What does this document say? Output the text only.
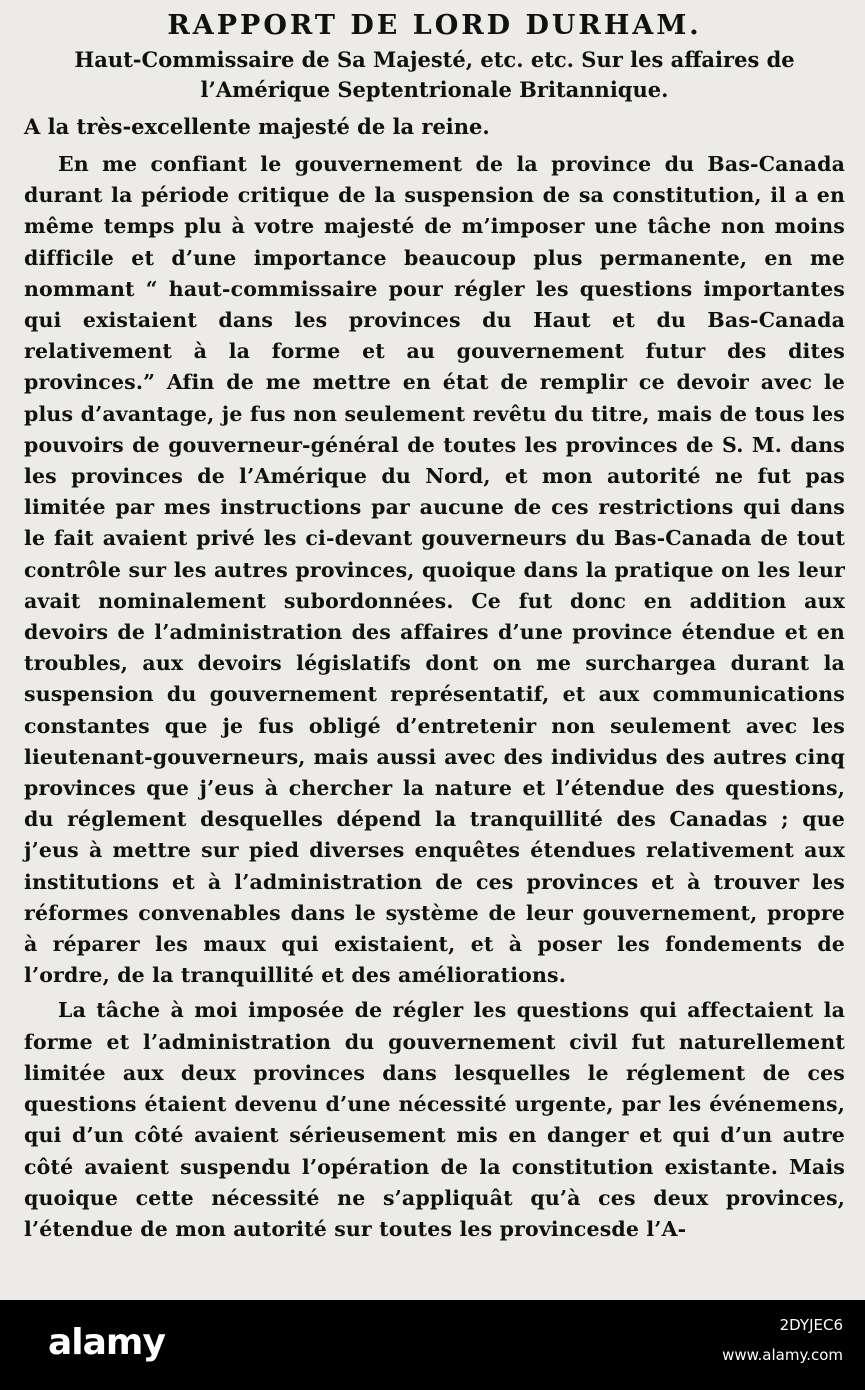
RAPPORT DE LORD DURHAM.
Haut-Commissaire de Sa Majesté, etc. etc. Sur les affaires de l’Amérique Septentrionale Britannique.
A la très-excellente majesté de la reine.

En me confiant le gouvernement de la province du Bas-Canada durant la période critique de la suspension de sa constitution, il a en même temps plu à votre majesté de m’imposer une tâche non moins difficile et d’une importance beaucoup plus permanente, en me nommant “ haut-commissaire pour régler les questions importantes qui existaient dans les provinces du Haut et du Bas-Canada relativement à la forme et au gouvernement futur des dites provinces.” Afin de me mettre en état de remplir ce devoir avec le plus d’avantage, je fus non seulement revêtu du titre, mais de tous les pouvoirs de gouverneur-général de toutes les provinces de S. M. dans les provinces de l’Amérique du Nord, et mon autorité ne fut pas limitée par mes instructions par aucune de ces restrictions qui dans le fait avaient privé les ci-devant gouverneurs du Bas-Canada de tout contrôle sur les autres provinces, quoique dans la pratique on les leur avait nominalement subordonnées. Ce fut donc en addition aux devoirs de l’administration des affaires d’une province étendue et en troubles, aux devoirs législatifs dont on me surchargea durant la suspension du gouvernement représentatif, et aux communications constantes que je fus obligé d’entretenir non seulement avec les lieutenant-gouverneurs, mais aussi avec des individus des autres cinq provinces que j’eus à chercher la nature et l’étendue des questions, du réglement desquelles dépend la tranquillité des Canadas ; que j’eus à mettre sur pied diverses enquêtes étendues relativement aux institutions et à l’administration de ces provinces et à trouver les réformes convenables dans le système de leur gouvernement, propre à réparer les maux qui existaient, et à poser les fondements de l’ordre, de la tranquillité et des améliorations.

La tâche à moi imposée de régler les questions qui affectaient la forme et l’administration du gouvernement civil fut naturellement limitée aux deux provinces dans lesquelles le réglement de ces questions étaient devenu d’une nécessité urgente, par les événemens, qui d’un côté avaient sérieusement mis en danger et qui d’un autre côté avaient suspendu l’opération de la constitution existante. Mais quoique cette nécessité ne s’appliquât qu’à ces deux provinces, l’étendue de mon autorité sur toutes les provincesde l’A-

alamy	2DYJEC6
www.alamy.com
